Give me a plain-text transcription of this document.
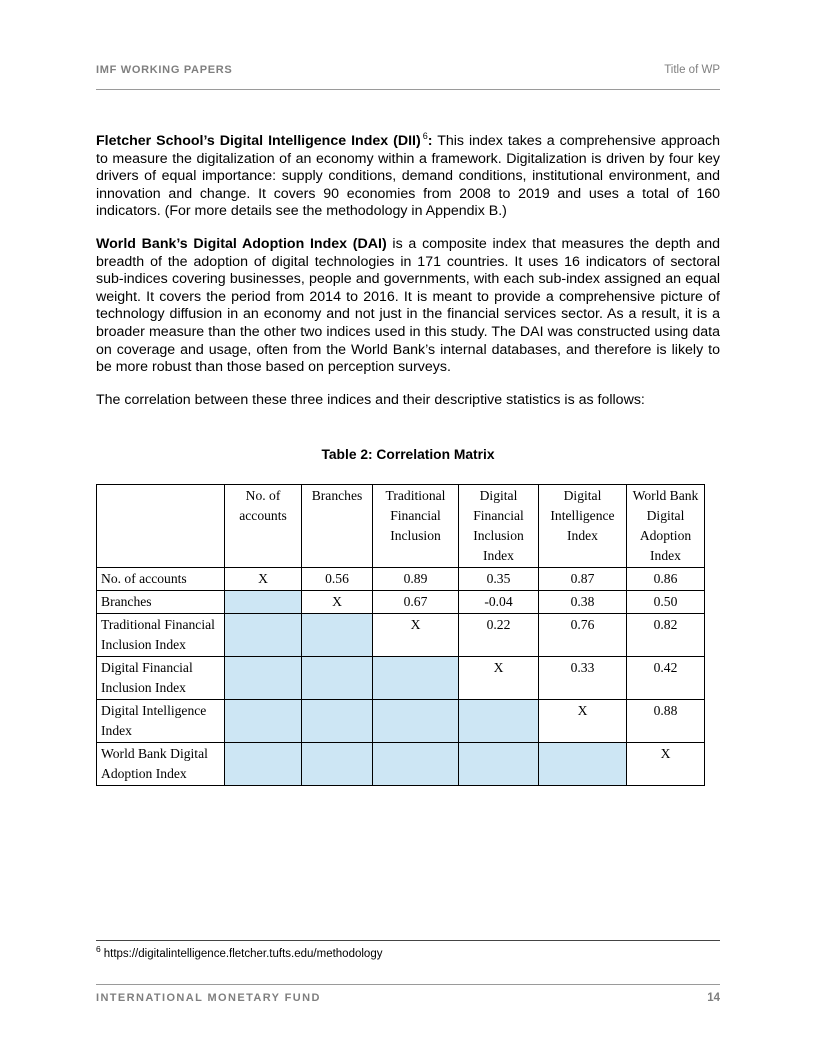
IMF WORKING PAPERS	Title of WP

Fletcher School’s Digital Intelligence Index (DII) $^6$: This index takes a comprehensive approach to measure the digitalization of an economy within a framework. Digitalization is driven by four key drivers of equal importance: supply conditions, demand conditions, institutional environment, and innovation and change. It covers 90 economies from 2008 to 2019 and uses a total of 160 indicators. (For more details see the methodology in Appendix B.)

World Bank’s Digital Adoption Index (DAI) is a composite index that measures the depth and breadth of the adoption of digital technologies in 171 countries. It uses 16 indicators of sectoral sub-indices covering businesses, people and governments, with each sub-index assigned an equal weight. It covers the period from 2014 to 2016. It is meant to provide a comprehensive picture of technology diffusion in an economy and not just in the financial services sector. As a result, it is a broader measure than the other two indices used in this study. The DAI was constructed using data on coverage and usage, often from the World Bank’s internal databases, and therefore is likely to be more robust than those based on perception surveys.

The correlation between these three indices and their descriptive statistics is as follows:

Table 2: Correlation Matrix
	No. of accounts	Branches	Traditional Financial Inclusion	Digital Financial Inclusion Index	Digital Intelligence Index	World Bank Digital Adoption Index
No. of accounts	X	0.56	0.89	0.35	0.87	0.86
Branches		X	0.67	-0.04	0.38	0.50
Traditional Financial Inclusion Index			X	0.22	0.76	0.82
Digital Financial Inclusion Index				X	0.33	0.42
Digital Intelligence Index					X	0.88
World Bank Digital Adoption Index						X
$^6$ https://digitalintelligence.fletcher.tufts.edu/methodology
INTERNATIONAL MONETARY FUND	14
